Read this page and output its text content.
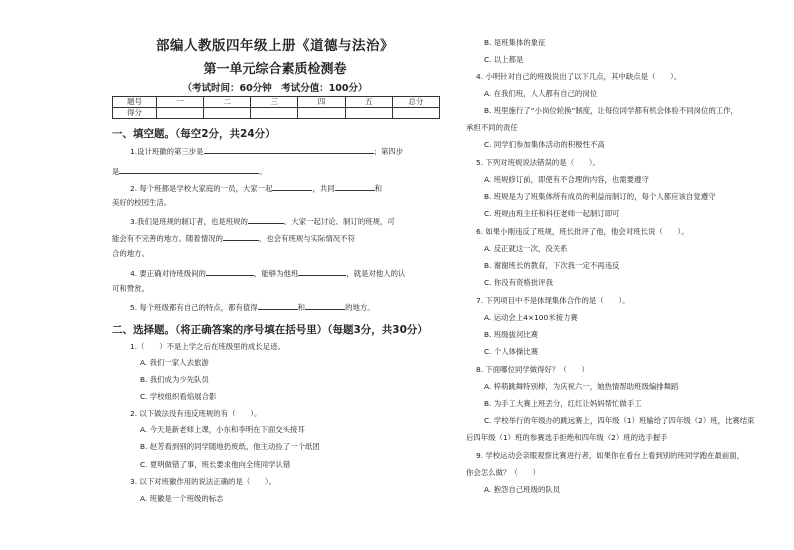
部编人教版四年级上册《道德与法治》
第一单元综合素质检测卷
（考试时间：60分钟　考试分值：100分）
题号	一	二	三	四	五	总分
得分						
一、填空题。（每空2分，共24分）
1.设计班徽的第三步是	；第四步
是	。
2. 每个班都是学校大家庭的一员，大家一起	，共同	和
美好的校园生活。
3.我们是班规的制订者，也是班规的	。大家一起讨论、制订的班规，可
能会有不完善的地方。随着情况的	，也会有班规与实际情况不符
合的地方。
4. 要正确对待班级间的	，能够为他班	，就是对他人的认
可和赞赏。
5. 每个班级都有自己的特点，都有值得	和	的地方。
二、选择题。（将正确答案的序号填在括号里）（每题3分，共30分）
1.（　　）不是上学之后在班级里的成长足迹。
A. 我们一家人去旅游
B. 我们成为少先队员
C. 学校组织看焰展合影
2. 以下做法没有违反班规的有（　　）。
A. 今天是新老师上课，小东和李明在下面交头接耳
B. 赵芳看到别的同学随地扔废纸，他主动捡了一个纸团
C. 夏明做错了事，班长要求他向全班同学认错
3. 以下对班徽作用的说法正确的是（　　）。
A. 班徽是一个班级的标志
B. 是班集体的象征
C. 以上都是
4. 小明针对自己的班级说出了以下几点，其中缺点是（　　）。
A. 在我们班，人人都有自己的岗位
B. 班里施行了“小岗位轮换”制度，让每位同学都有机会体验不同岗位的工作，
承担不同的责任
C. 同学们参加集体活动的积极性不高
5. 下列对班规说法错误的是（　　）。
A. 班规修订前，即使有不合理的内容，也需要遵守
B. 班规是为了班集体所有成员的利益而制订的，每个人都应该自觉遵守
C. 班规由班主任和科任老师一起制订即可
6. 如果小刚违反了班规，班长批评了他，他会对班长说（　　）。
A. 反正就这一次，没关系
B. 谢谢班长的教育，下次我一定不再违反
C. 你没有资格批评我
7. 下列项目中不是体现集体合作的是（　　）。
A. 运动会上4×100米接力赛
B. 班级拔河比赛
C. 个人体操比赛
8. 下面哪位同学做得好？（　　）
A. 梓萌跳舞特别棒，为庆祝六一，她热情帮助班级编排舞蹈
B. 为手工大赛上班丢分，红红让妈妈帮忙做手工
C. 学校举行的年级办的跳远赛上，四年级（1）班输给了四年级（2）班，比赛结束
后四年级（1）班的参赛选手拒绝和四年级（2）班的选手握手
9. 学校运动会亲眼观察比赛进行者，如果你在看台上看到别的班同学跑在最前面，
你会怎么做？（　　）
A. 抱怨自己班级的队员
